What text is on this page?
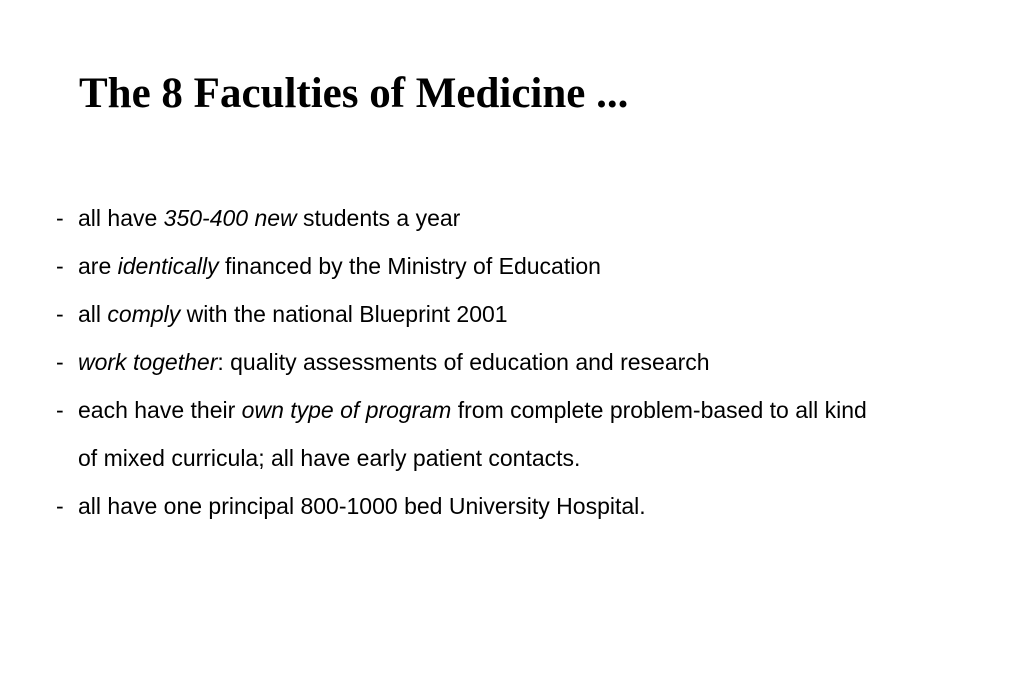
The 8 Faculties of Medicine ...
- all have 350-400 new students a year
- are identically financed by the Ministry of Education
- all comply with the national Blueprint 2001
- work together: quality assessments of education and research
- each have their own type of program from complete problem-based to all kind
of mixed curricula; all have early patient contacts.
- all have one principal 800-1000 bed University Hospital.
